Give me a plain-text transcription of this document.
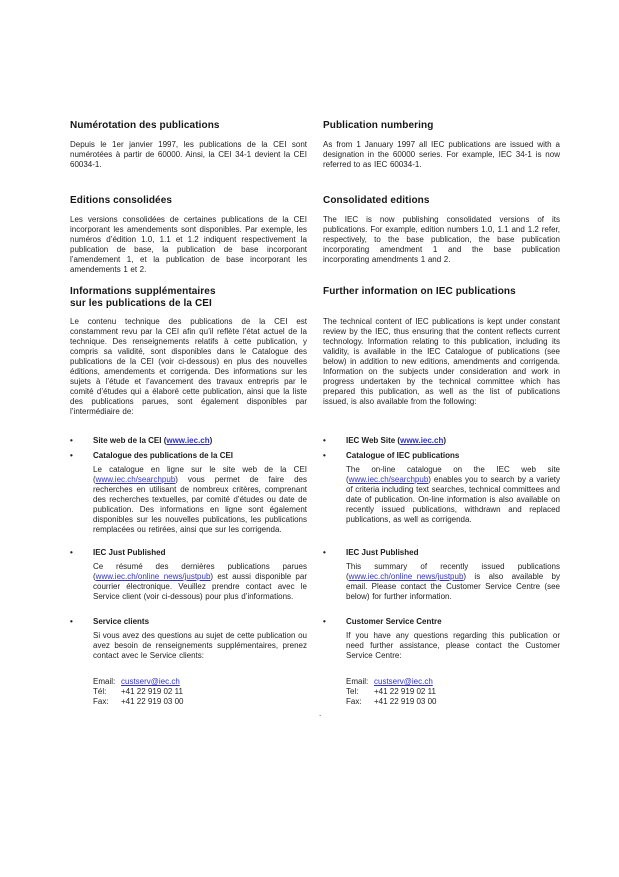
Numérotation des publications

Depuis le 1er janvier 1997, les publications de la CEI sont numérotées à partir de 60000. Ainsi, la CEI 34-1 devient la CEI 60034-1.

Publication numbering

As from 1 January 1997 all IEC publications are issued with a designation in the 60000 series. For example, IEC 34-1 is now referred to as IEC 60034-1.

Editions consolidées

Les versions consolidées de certaines publications de la CEI incorporant les amendements sont disponibles. Par exemple, les numéros d’édition 1.0, 1.1 et 1.2 indiquent respectivement la publication de base, la publication de base incorporant l’amendement 1, et la publication de base incorporant les amendements 1 et 2.

Consolidated editions

The IEC is now publishing consolidated versions of its publications. For example, edition numbers 1.0, 1.1 and 1.2 refer, respectively, to the base publication, the base publication incorporating amendment 1 and the base publication incorporating amendments 1 and 2.

Informations supplémentaires
sur les publications de la CEI

Le contenu technique des publications de la CEI est constamment revu par la CEI afin qu’il reflète l’état actuel de la technique. Des renseignements relatifs à cette publication, y compris sa validité, sont disponibles dans le Catalogue des publications de la CEI (voir ci-dessous) en plus des nouvelles éditions, amendements et corrigenda. Des informations sur les sujets à l’étude et l’avancement des travaux entrepris par le comité d’études qui a élaboré cette publication, ainsi que la liste des publications parues, sont également disponibles par l’intermédiaire de:

Further information on IEC publications

The technical content of IEC publications is kept under constant review by the IEC, thus ensuring that the content reflects current technology. Information relating to this publication, including its validity, is available in the IEC Catalogue of publications (see below) in addition to new editions, amendments and corrigenda. Information on the subjects under consideration and work in progress undertaken by the technical committee which has prepared this publication, as well as the list of publications issued, is also available from the following:

•	Site web de la CEI (www.iec.ch)	•	IEC Web Site (www.iec.ch)
•	Catalogue des publications de la CEI

Le catalogue en ligne sur le site web de la CEI (www.iec.ch/searchpub) vous permet de faire des recherches en utilisant de nombreux critères, comprenant des recherches textuelles, par comité d’études ou date de publication. Des informations en ligne sont également disponibles sur les nouvelles publications, les publications remplacées ou retirées, ainsi que sur les corrigenda.

•	Catalogue of IEC publications

The on-line catalogue on the IEC web site (www.iec.ch/searchpub) enables you to search by a variety of criteria including text searches, technical committees and date of publication. On-line information is also available on recently issued publications, withdrawn and replaced publications, as well as corrigenda.

•	IEC Just Published

Ce résumé des dernières publications parues (www.iec.ch/online_news/justpub) est aussi disponible par courrier électronique. Veuillez prendre contact avec le Service client (voir ci-dessous) pour plus d’informations.

•	IEC Just Published

This summary of recently issued publications (www.iec.ch/online_news/justpub) is also available by email. Please contact the Customer Service Centre (see below) for further information.

•	Service clients

Si vous avez des questions au sujet de cette publication ou avez besoin de renseignements supplémentaires, prenez contact avec le Service clients:

•	Customer Service Centre

If you have any questions regarding this publication or need further assistance, please contact the Customer Service Centre:

Email: custserv@iec.ch
Tél:	+41 22 919 02 11
Fax:	+41 22 919 03 00
Email: custserv@iec.ch
Tel:	+41 22 919 02 11
Fax:	+41 22 919 03 00
.
